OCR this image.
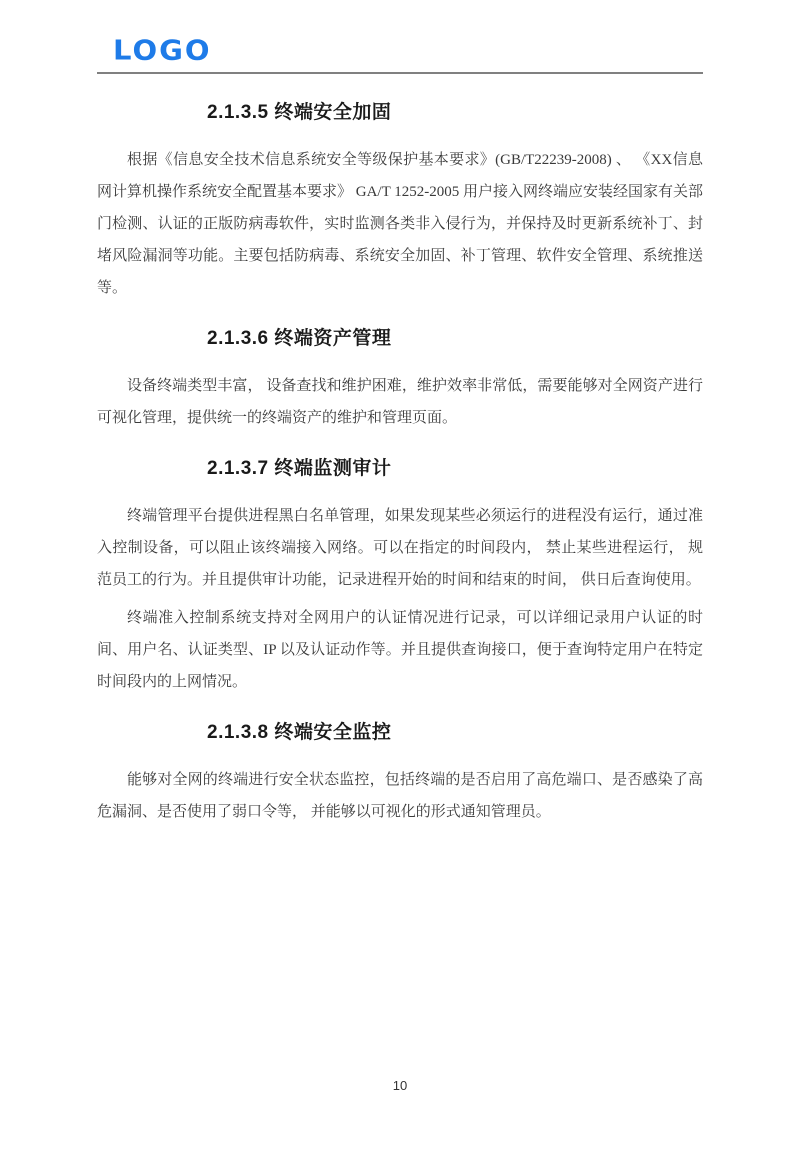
LOGO
2.1.3.5 终端安全加固

根据《信息安全技术信息系统安全等级保护基本要求》(GB/T22239-2008) 、 《XX信息网计算机操作系统安全配置基本要求》 GA/T 1252-2005 用户接入网终端应安装经国家有关部门检测、认证的正版防病毒软件，实时监测各类非入侵行为，并保持及时更新系统补丁、封堵风险漏洞等功能。主要包括防病毒、系统安全加固、补丁管理、软件安全管理、系统推送等。

2.1.3.6 终端资产管理

设备终端类型丰富， 设备查找和维护困难，维护效率非常低，需要能够对全网资产进行可视化管理，提供统一的终端资产的维护和管理页面。

2.1.3.7 终端监测审计

终端管理平台提供进程黑白名单管理，如果发现某些必须运行的进程没有运行，通过准入控制设备，可以阻止该终端接入网络。可以在指定的时间段内， 禁止某些进程运行， 规范员工的行为。并且提供审计功能，记录进程开始的时间和结束的时间， 供日后查询使用。

终端准入控制系统支持对全网用户的认证情况进行记录，可以详细记录用户认证的时间、用户名、认证类型、IP 以及认证动作等。并且提供查询接口，便于查询特定用户在特定时间段内的上网情况。

2.1.3.8 终端安全监控

能够对全网的终端进行安全状态监控，包括终端的是否启用了高危端口、是否感染了高危漏洞、是否使用了弱口令等， 并能够以可视化的形式通知管理员。

10
